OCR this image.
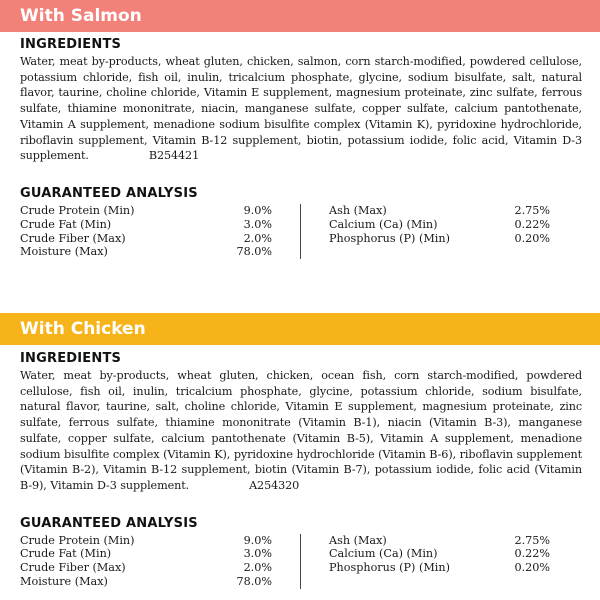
With Salmon
INGREDIENTS

Water, meat by-products, wheat gluten, chicken, salmon, corn starch-modified, powdered cellulose, potassium chloride, fish oil, inulin, tricalcium phosphate, glycine, sodium bisulfate, salt, natural flavor, taurine, choline chloride, Vitamin E supplement, magnesium proteinate, zinc sulfate, ferrous sulfate, thiamine mononitrate, niacin, manganese sulfate, copper sulfate, calcium pantothenate, Vitamin A supplement, menadione sodium bisulfite complex (Vitamin K), pyridoxine hydrochloride, riboflavin supplement, Vitamin B-12 supplement, biotin, potassium iodide, folic acid, Vitamin D-3 supplement.	B254421

GUARANTEED ANALYSIS
Crude Protein (Min)	9.0%
Crude Fat (Min)	3.0%
Crude Fiber (Max)	2.0%
Moisture (Max)	78.0%
Ash (Max)	2.75%
Calcium (Ca) (Min)	0.22%
Phosphorus (P) (Min)	0.20%
With Chicken
INGREDIENTS

Water, meat by-products, wheat gluten, chicken, ocean fish, corn starch-modified, powdered cellulose, fish oil, inulin, tricalcium phosphate, glycine, potassium chloride, sodium bisulfate, natural flavor, taurine, salt, choline chloride, Vitamin E supplement, magnesium proteinate, zinc sulfate, ferrous sulfate, thiamine mononitrate (Vitamin B-1), niacin (Vitamin B-3), manganese sulfate, copper sulfate, calcium pantothenate (Vitamin B-5), Vitamin A supplement, menadione sodium bisulfite complex (Vitamin K), pyridoxine hydrochloride (Vitamin B-6), riboflavin supplement (Vitamin B-2), Vitamin B-12 supplement, biotin (Vitamin B-7), potassium iodide, folic acid (Vitamin B-9), Vitamin D-3 supplement.	A254320

GUARANTEED ANALYSIS
Crude Protein (Min)	9.0%
Crude Fat (Min)	3.0%
Crude Fiber (Max)	2.0%
Moisture (Max)	78.0%
Ash (Max)	2.75%
Calcium (Ca) (Min)	0.22%
Phosphorus (P) (Min)	0.20%
